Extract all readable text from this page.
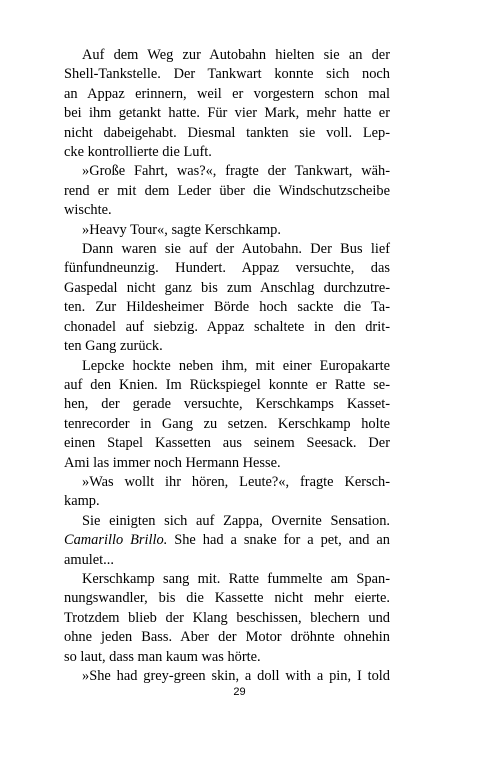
Auf dem Weg zur Autobahn hielten sie an der
Shell-Tankstelle. Der Tankwart konnte sich noch
an Appaz erinnern, weil er vorgestern schon mal
bei ihm getankt hatte. Für vier Mark, mehr hatte er
nicht dabeigehabt. Diesmal tankten sie voll. Lep-
cke kontrollierte die Luft.
»Große Fahrt, was?«, fragte der Tankwart, wäh-
rend er mit dem Leder über die Windschutzscheibe
wischte.
»Heavy Tour«, sagte Kerschkamp.
Dann waren sie auf der Autobahn. Der Bus lief
fünfundneunzig. Hundert. Appaz versuchte, das
Gaspedal nicht ganz bis zum Anschlag durchzutre-
ten. Zur Hildesheimer Börde hoch sackte die Ta-
chonadel auf siebzig. Appaz schaltete in den drit-
ten Gang zurück.
Lepcke hockte neben ihm, mit einer Europakarte
auf den Knien. Im Rückspiegel konnte er Ratte se-
hen, der gerade versuchte, Kerschkamps Kasset-
tenrecorder in Gang zu setzen. Kerschkamp holte
einen Stapel Kassetten aus seinem Seesack. Der
Ami las immer noch Hermann Hesse.
»Was wollt ihr hören, Leute?«, fragte Kersch-
kamp.
Sie einigten sich auf Zappa, Overnite Sensation.
Camarillo Brillo. She had a snake for a pet, and an
amulet...
Kerschkamp sang mit. Ratte fummelte am Span-
nungswandler, bis die Kassette nicht mehr eierte.
Trotzdem blieb der Klang beschissen, blechern und
ohne jeden Bass. Aber der Motor dröhnte ohnehin
so laut, dass man kaum was hörte.
»She had grey-green skin, a doll with a pin, I told
29
